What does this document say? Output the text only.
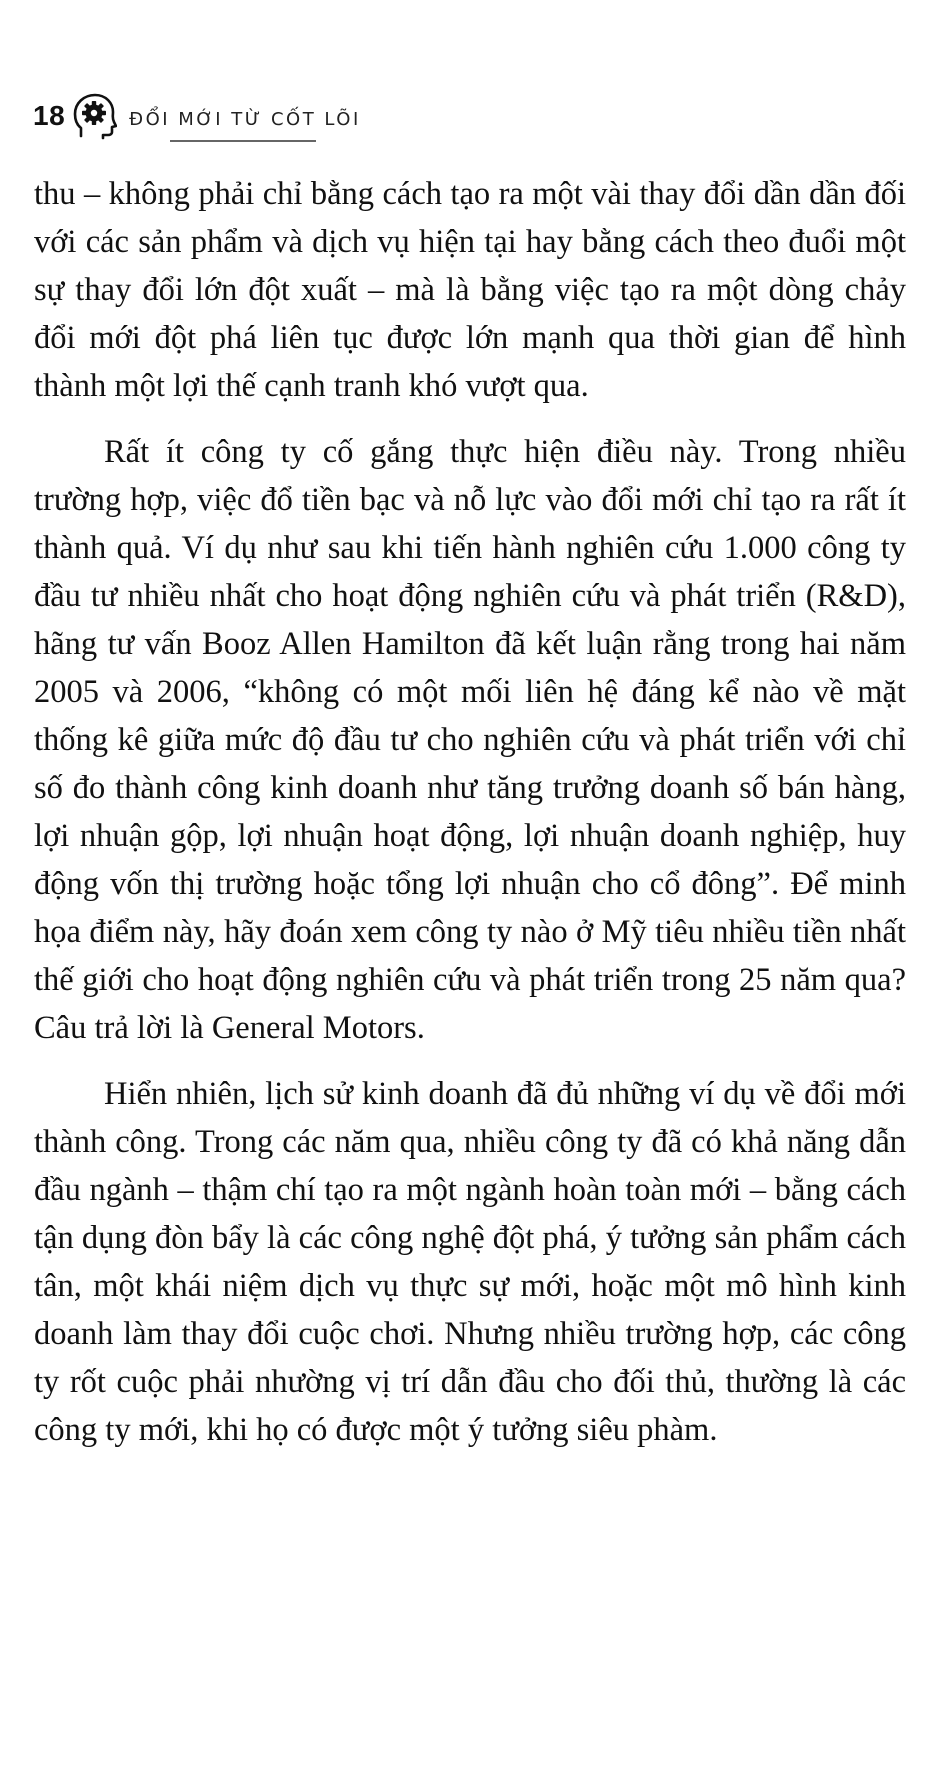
18	ĐỔI MỚI TỪ CỐT LÕI

thu – không phải chỉ bằng cách tạo ra một vài thay đổi dần dần đối với các sản phẩm và dịch vụ hiện tại hay bằng cách theo đuổi một sự thay đổi lớn đột xuất – mà là bằng việc tạo ra một dòng chảy đổi mới đột phá liên tục được lớn mạnh qua thời gian để hình thành một lợi thế cạnh tranh khó vượt qua.

Rất ít công ty cố gắng thực hiện điều này. Trong nhiều trường hợp, việc đổ tiền bạc và nỗ lực vào đổi mới chỉ tạo ra rất ít thành quả. Ví dụ như sau khi tiến hành nghiên cứu 1.000 công ty đầu tư nhiều nhất cho hoạt động nghiên cứu và phát triển (R&D), hãng tư vấn Booz Allen Hamilton đã kết luận rằng trong hai năm 2005 và 2006, “không có một mối liên hệ đáng kể nào về mặt thống kê giữa mức độ đầu tư cho nghiên cứu và phát triển với chỉ số đo thành công kinh doanh như tăng trưởng doanh số bán hàng, lợi nhuận gộp, lợi nhuận hoạt động, lợi nhuận doanh nghiệp, huy động vốn thị trường hoặc tổng lợi nhuận cho cổ đông”. Để minh họa điểm này, hãy đoán xem công ty nào ở Mỹ tiêu nhiều tiền nhất thế giới cho hoạt động nghiên cứu và phát triển trong 25 năm qua? Câu trả lời là General Motors.

Hiển nhiên, lịch sử kinh doanh đã đủ những ví dụ về đổi mới thành công. Trong các năm qua, nhiều công ty đã có khả năng dẫn đầu ngành – thậm chí tạo ra một ngành hoàn toàn mới – bằng cách tận dụng đòn bẩy là các công nghệ đột phá, ý tưởng sản phẩm cách tân, một khái niệm dịch vụ thực sự mới, hoặc một mô hình kinh doanh làm thay đổi cuộc chơi. Nhưng nhiều trường hợp, các công ty rốt cuộc phải nhường vị trí dẫn đầu cho đối thủ, thường là các công ty mới, khi họ có được một ý tưởng siêu phàm.
